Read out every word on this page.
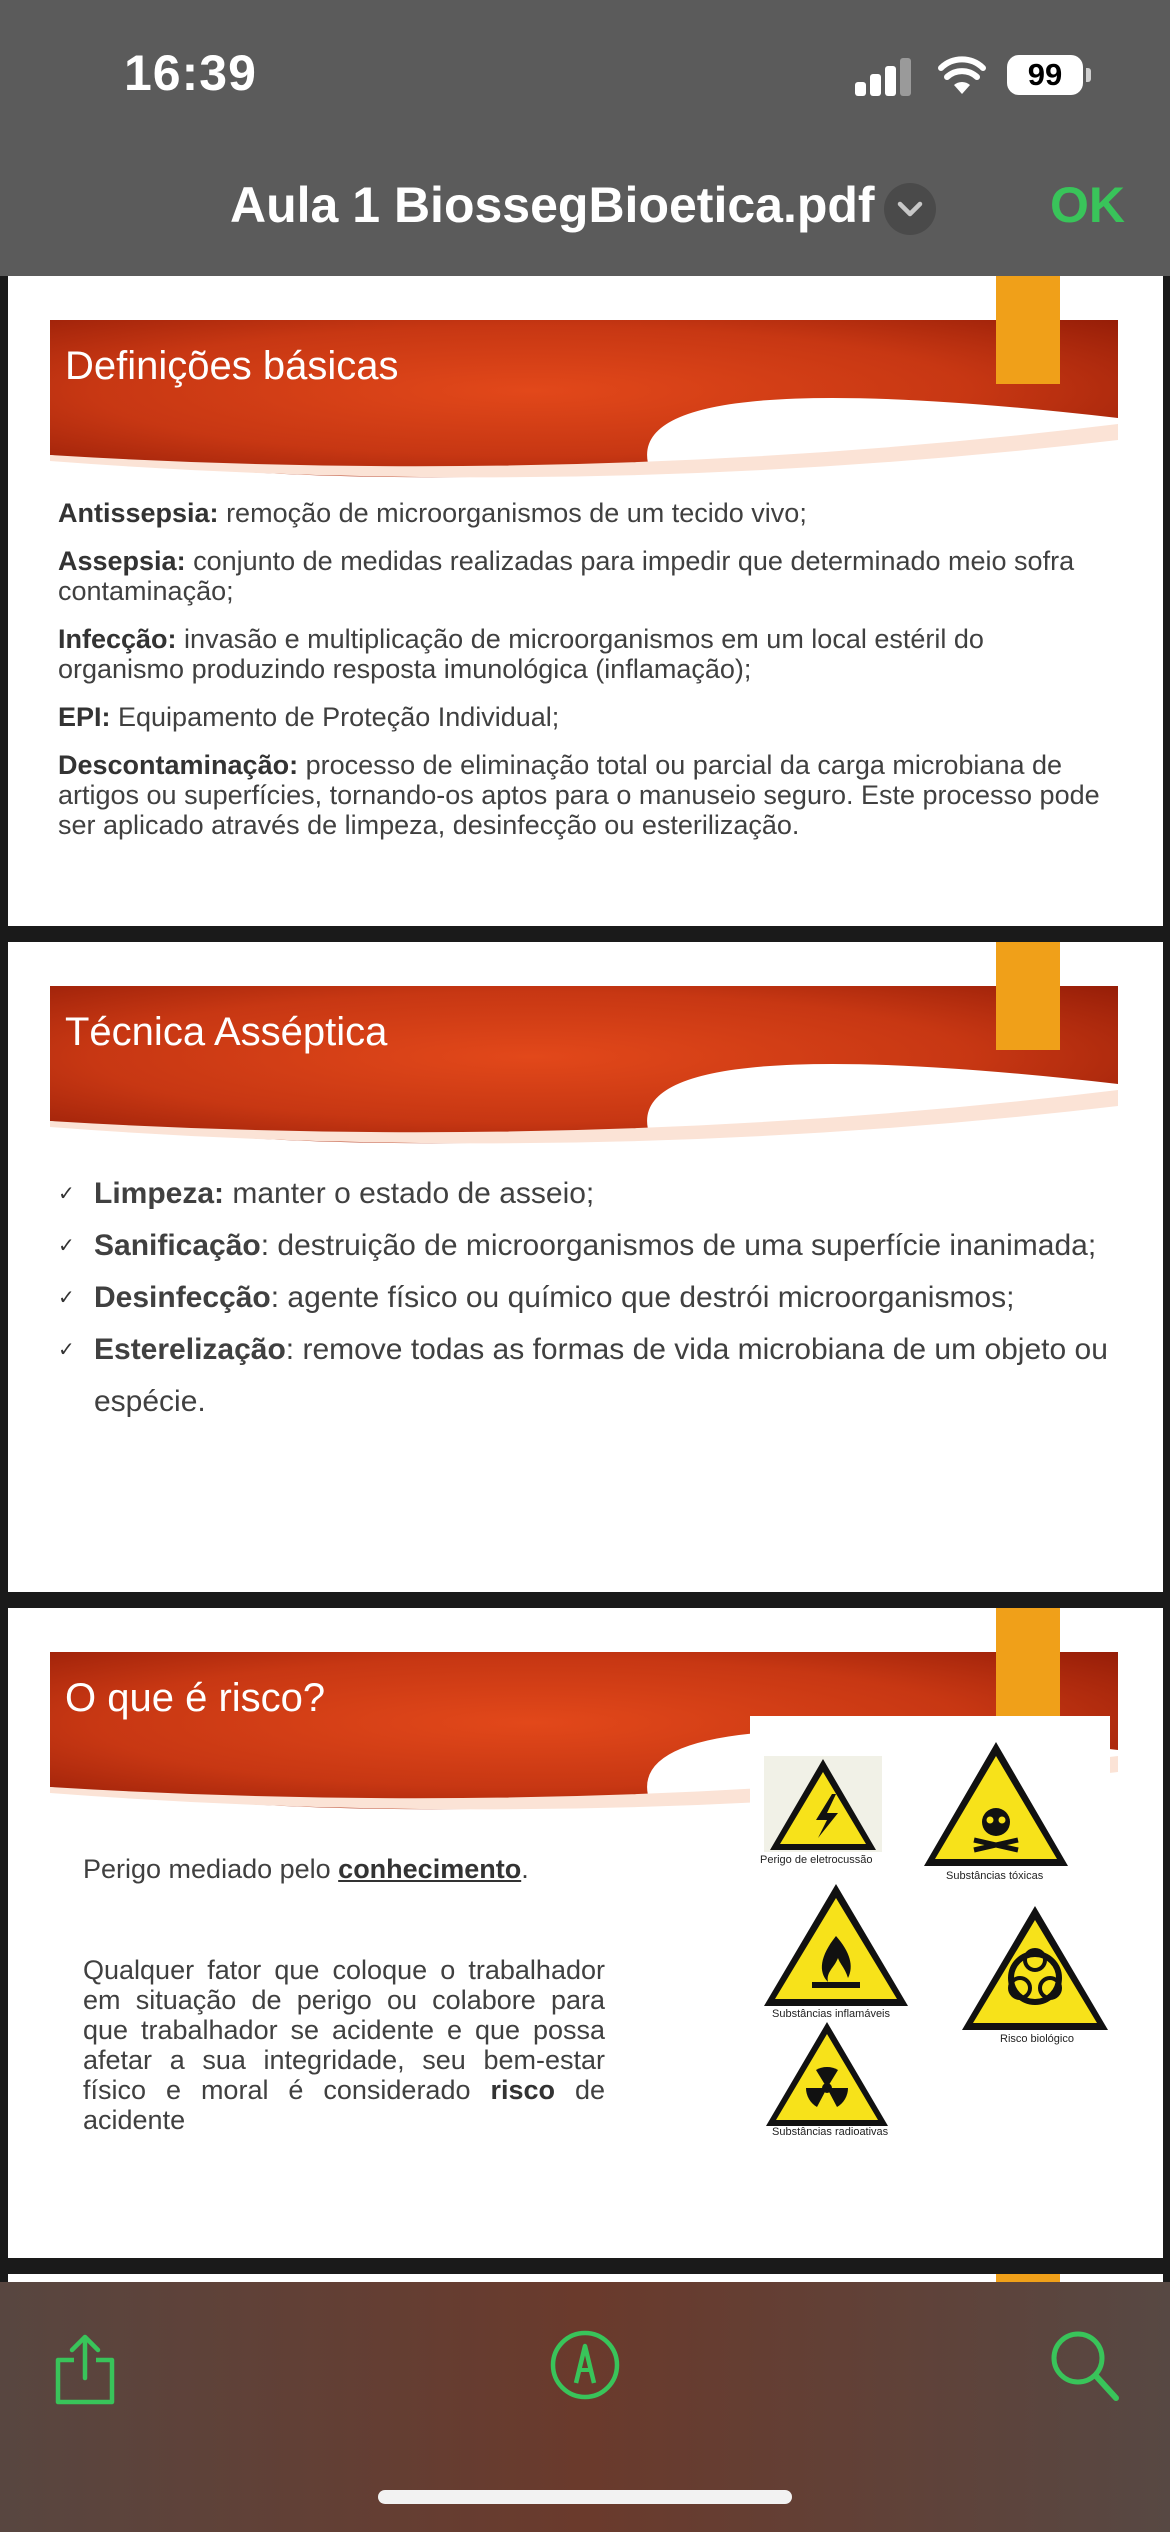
16:39	99
Aula 1 BiossegBioetica.pdf	OK
Definições básicas

Antissepsia: remoção de microorganismos de um tecido vivo;

Assepsia: conjunto de medidas realizadas para impedir que determinado meio sofra contaminação;

Infecção: invasão e multiplicação de microorganismos em um local estéril do organismo produzindo resposta imunológica (inflamação);

EPI: Equipamento de Proteção Individual;

Descontaminação: processo de eliminação total ou parcial da carga microbiana de artigos ou superfícies, tornando-os aptos para o manuseio seguro. Este processo pode ser aplicado através de limpeza, desinfecção ou esterilização.

Técnica Asséptica
✓ Limpeza: manter o estado de asseio;
✓ Sanificação: destruição de microorganismos de uma superfície inanimada;
✓ Desinfecção: agente físico ou químico que destrói microorganismos;
✓ Esterelização: remove todas as formas de vida microbiana de um objeto ou espécie.
O que é risco?
Perigo mediado pelo conhecimento.
Qualquer fator que coloque o trabalhador em situação de perigo ou colabore para que trabalhador se acidente e que possa afetar a sua integridade, seu bem-estar físico e moral é considerado risco de acidente
Perigo de eletrocussão
Substâncias tóxicas
Substâncias inflamáveis
Risco biológico
Substâncias radioativas
